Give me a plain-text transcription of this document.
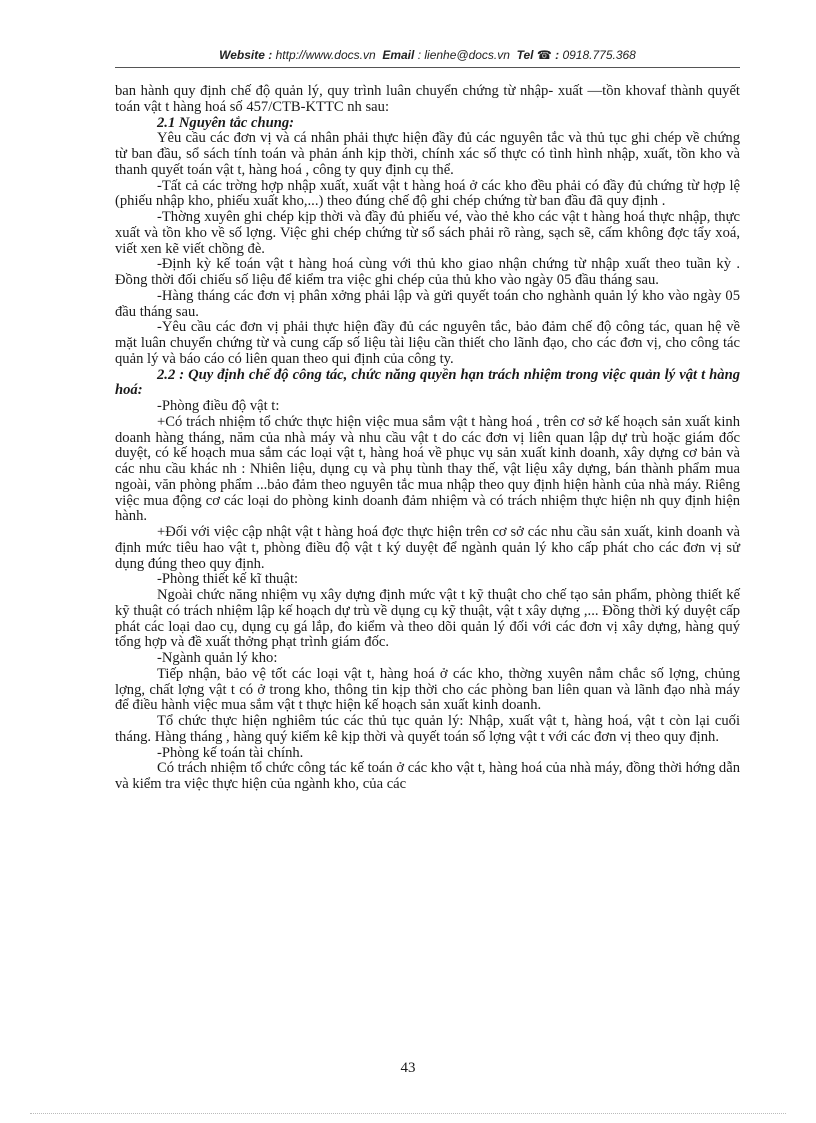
Website : http://www.docs.vn Email : lienhe@docs.vn Tel ☎ : 0918.775.368

ban hành quy định chế độ quản lý, quy trình luân chuyển chứng từ nhập- xuất —tồn khovaf thành quyết toán vật t hàng hoá số 457/CTB-KTTC nh sau:

2.1 Nguyên tắc chung:

Yêu cầu các đơn vị và cá nhân phải thực hiện đầy đủ các nguyên tắc và thủ tục ghi chép về chứng từ ban đầu, sổ sách tính toán và phản ánh kịp thời, chính xác số thực có tình hình nhập, xuất, tồn kho và thanh quyết toán vật t, hàng hoá , công ty quy định cụ thể.

-Tất cả các trờng hợp nhập xuất, xuất vật t hàng hoá ở các kho đều phải có đầy đủ chứng từ hợp lệ (phiếu nhập kho, phiếu xuất kho,...) theo đúng chế độ ghi chép chứng từ ban đầu đã quy định .

-Thờng xuyên ghi chép kịp thời và đầy đủ phiếu vé, vào thẻ kho các vật t hàng hoá thực nhập, thực xuất và tồn kho về số lợng. Việc ghi chép chứng từ sổ sách phải rõ ràng, sạch sẽ, cấm không đợc tẩy xoá, viết xen kẽ viết chồng đè.

-Định kỳ kế toán vật t hàng hoá cùng với thủ kho giao nhận chứng từ nhập xuất theo tuần kỳ . Đồng thời đối chiếu số liệu để kiểm tra việc ghi chép của thủ kho vào ngày 05 đầu tháng sau.

-Hàng tháng các đơn vị phân xởng phải lập và gửi quyết toán cho nghành quản lý kho vào ngày 05 đầu tháng sau.

-Yêu cầu các đơn vị phải thực hiện đầy đủ các nguyên tắc, bảo đảm chế độ công tác, quan hệ về mặt luân chuyển chứng từ và cung cấp số liệu tài liệu cần thiết cho lãnh đạo, cho các đơn vị, cho công tác quản lý và báo cáo có liên quan theo qui định của công ty.

2.2 : Quy định chế độ công tác, chức năng quyền hạn trách nhiệm trong việc quản lý vật t hàng hoá:

-Phòng điều độ vật t:

+Có trách nhiệm tổ chức thực hiện việc mua sắm vật t hàng hoá , trên cơ sở kế hoạch sản xuất kinh doanh hàng tháng, năm của nhà máy và nhu cầu vật t do các đơn vị liên quan lập dự trù hoặc giám đốc duyệt, có kế hoạch mua sắm các loại vật t, hàng hoá về phục vụ sản xuất kinh doanh, xây dựng cơ bản và các nhu cầu khác nh : Nhiên liệu, dụng cụ và phụ tùnh thay thế, vật liệu xây dựng, bán thành phẩm mua ngoài, văn phòng phẩm ...bảo đảm theo nguyên tắc mua nhập theo quy định hiện hành của nhà máy. Riêng việc mua động cơ các loại do phòng kinh doanh đảm nhiệm và có trách nhiệm thực hiện nh quy định hiện hành.

+Đối với việc cập nhật vật t hàng hoá đợc thực hiện trên cơ sở các nhu cầu sản xuất, kinh doanh và định mức tiêu hao vật t, phòng điều độ vật t ký duyệt để ngành quản lý kho cấp phát cho các đơn vị sử dụng đúng theo quy định.

-Phòng thiết kế kĩ thuật:

Ngoài chức năng nhiệm vụ xây dựng định mức vật t kỹ thuật cho chế tạo sản phẩm, phòng thiết kế kỹ thuật có trách nhiệm lập kế hoạch dự trù về dụng cụ kỹ thuật, vật t xây dựng ,... Đồng thời ký duyệt cấp phát các loại dao cụ, dụng cụ gá lắp, đo kiểm và theo dõi quản lý đối với các đơn vị xây dựng, hàng quý tổng hợp và đề xuất thởng phạt trình giám đốc.

-Ngành quản lý kho:

Tiếp nhận, bảo vệ tốt các loại vật t, hàng hoá ở các kho, thờng xuyên nắm chắc số lợng, chủng lợng, chất lợng vật t có ở trong kho, thông tin kịp thời cho các phòng ban liên quan và lãnh đạo nhà máy để điều hành việc mua sắm vật t thực hiện kế hoạch sản xuất kinh doanh.

Tổ chức thực hiện nghiêm túc các thủ tục quản lý: Nhập, xuất vật t, hàng hoá, vật t còn lại cuối tháng. Hàng tháng , hàng quý kiểm kê kịp thời và quyết toán số lợng vật t với các đơn vị theo quy định.

-Phòng kế toán tài chính.

Có trách nhiệm tổ chức công tác kế toán ở các kho vật t, hàng hoá của nhà máy, đồng thời hớng dẫn và kiểm tra việc thực hiện của ngành kho, của các

43
